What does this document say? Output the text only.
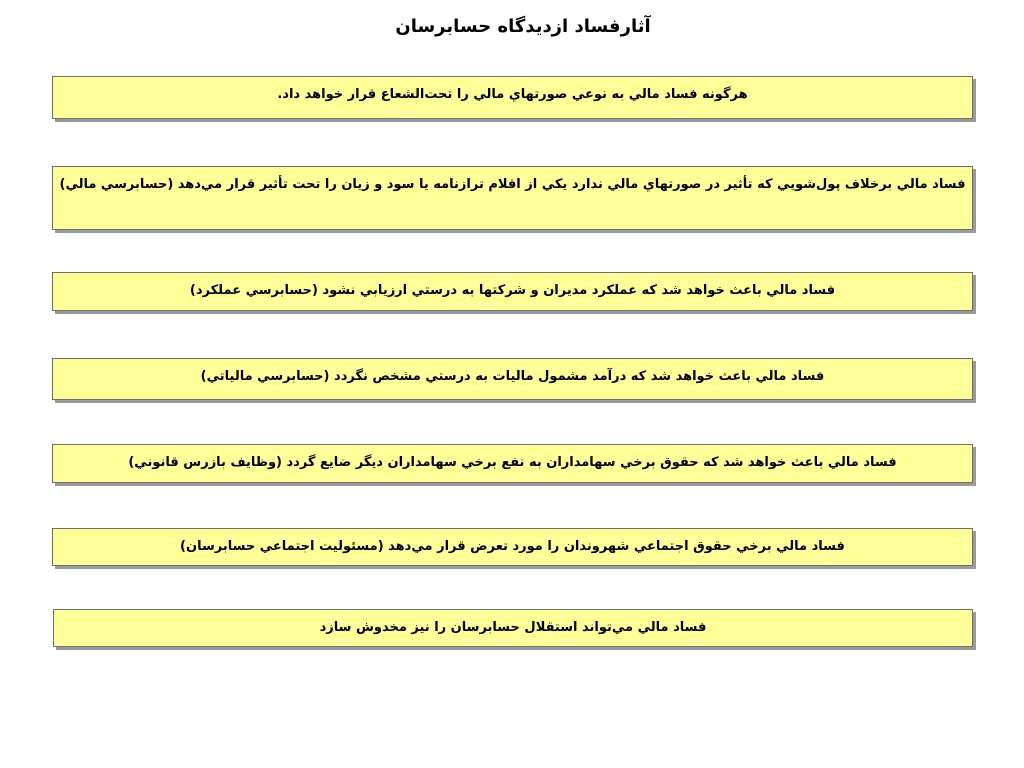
آثارفساد ازديدگاه حسابرسان
هرگونه فساد مالي به نوعي صورتهاي مالي را تحت‌الشعاع قرار خواهد داد.
فساد مالي برخلاف پول‌شويي كه تأثير در صورتهاي مالي ندارد يكي از اقلام ترازنامه يا سود و زيان را تحت تأثير قرار مي‌دهد (حسابرسي مالي)
فساد مالي باعث خواهد شد كه عملكرد مديران و شركتها به درستي ارزيابي نشود (حسابرسي عملكرد)
فساد مالي باعث خواهد شد كه درآمد مشمول ماليات به درستي مشخص نگردد (حسابرسي مالياتي)
فساد مالي باعث خواهد شد كه حقوق برخي سهامداران به نفع برخي سهامداران ديگر ضايع گردد (وظايف بازرس قانوني)
فساد مالي برخي حقوق اجتماعي شهروندان را مورد تعرض قرار مي‌دهد (مسئوليت اجتماعي حسابرسان)
فساد مالي مي‌تواند استقلال حسابرسان را نيز مخدوش سازد
